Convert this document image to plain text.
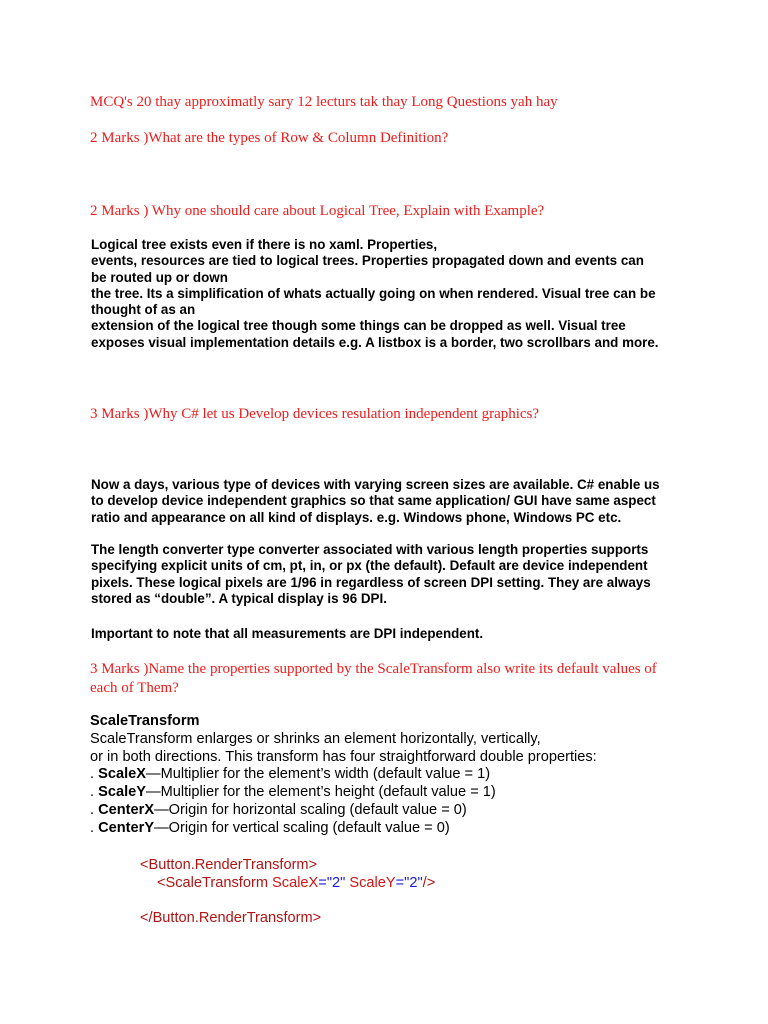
MCQ's 20 thay approximatly sary 12 lecturs tak thay Long Questions yah hay
2 Marks )What are the types of Row & Column Definition?
2 Marks ) Why one should care about Logical Tree, Explain with Example?
Logical tree exists even if there is no xaml. Properties,
events, resources are tied to logical trees. Properties propagated down and events can
be routed up or down
the tree. Its a simplification of whats actually going on when rendered. Visual tree can be
thought of as an
extension of the logical tree though some things can be dropped as well. Visual tree
exposes visual implementation details e.g. A listbox is a border, two scrollbars and more.
3 Marks )Why C# let us Develop devices resulation independent graphics?
Now a days, various type of devices with varying screen sizes are available. C# enable us
to develop device independent graphics so that same application/ GUI have same aspect
ratio and appearance on all kind of displays. e.g. Windows phone, Windows PC etc.
The length converter type converter associated with various length properties supports
specifying explicit units of cm, pt, in, or px (the default). Default are device independent
pixels. These logical pixels are 1/96 in regardless of screen DPI setting. They are always
stored as “double”. A typical display is 96 DPI.
Important to note that all measurements are DPI independent.
3 Marks )Name the properties supported by the ScaleTransform also write its default values of
each of Them?
ScaleTransform
ScaleTransform enlarges or shrinks an element horizontally, vertically,
or in both directions. This transform has four straightforward double properties:
. ScaleX—Multiplier for the element’s width (default value = 1)
. ScaleY—Multiplier for the element’s height (default value = 1)
. CenterX—Origin for horizontal scaling (default value = 0)
. CenterY—Origin for vertical scaling (default value = 0)
<Button.RenderTransform>
<ScaleTransform ScaleX="2" ScaleY="2"/>
</Button.RenderTransform>
